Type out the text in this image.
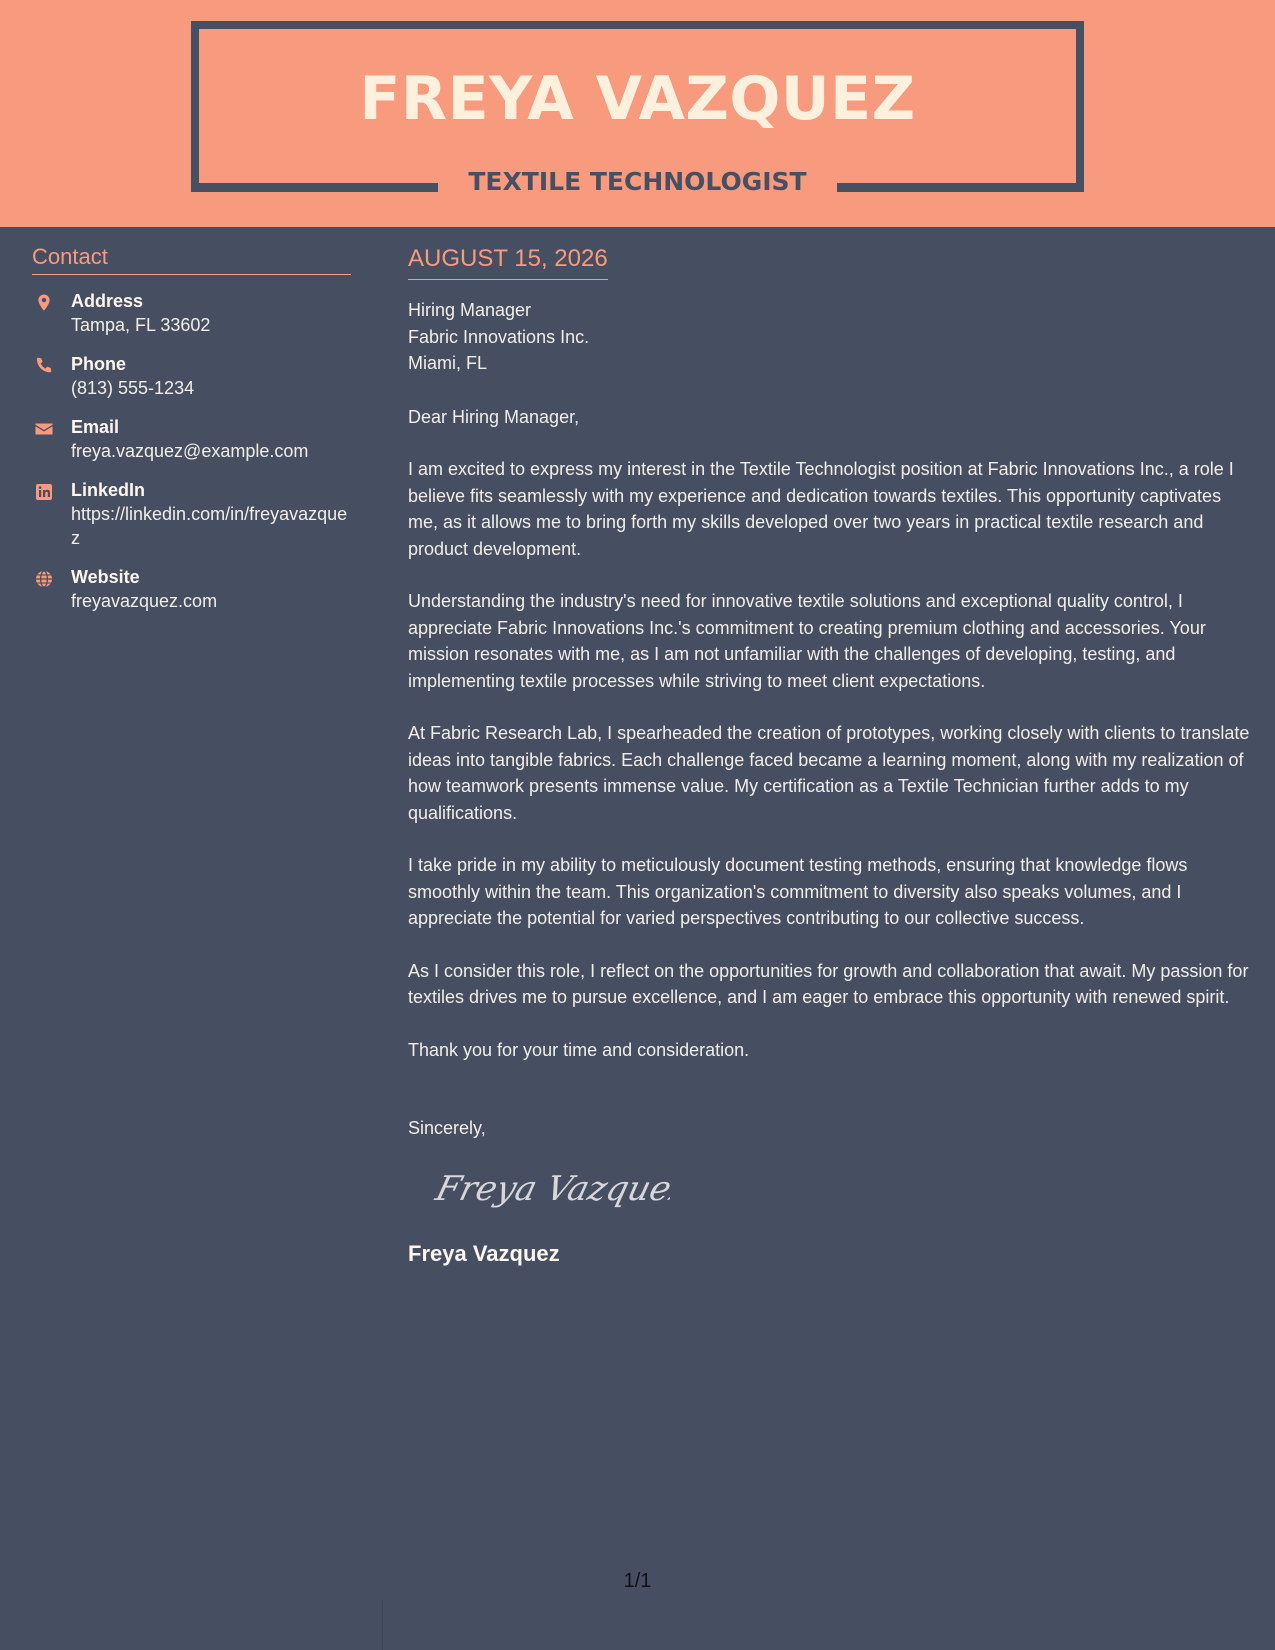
FREYA VAZQUEZ
TEXTILE TECHNOLOGIST
Contact
Address
Tampa, FL 33602
Phone
(813) 555-1234
Email
freya.vazquez@example.com
LinkedIn
https://linkedin.com/in/freyavazquez
Website
freyavazquez.com
AUGUST 15, 2026
Hiring Manager
Fabric Innovations Inc.
Miami, FL
Dear Hiring Manager,
I am excited to express my interest in the Textile Technologist position at Fabric Innovations Inc., a role I believe fits seamlessly with my experience and dedication towards textiles. This opportunity captivates me, as it allows me to bring forth my skills developed over two years in practical textile research and product development.
Understanding the industry's need for innovative textile solutions and exceptional quality control, I appreciate Fabric Innovations Inc.'s commitment to creating premium clothing and accessories. Your mission resonates with me, as I am not unfamiliar with the challenges of developing, testing, and implementing textile processes while striving to meet client expectations.
At Fabric Research Lab, I spearheaded the creation of prototypes, working closely with clients to translate ideas into tangible fabrics. Each challenge faced became a learning moment, along with my realization of how teamwork presents immense value. My certification as a Textile Technician further adds to my qualifications.
I take pride in my ability to meticulously document testing methods, ensuring that knowledge flows smoothly within the team. This organization's commitment to diversity also speaks volumes, and I appreciate the potential for varied perspectives contributing to our collective success.
As I consider this role, I reflect on the opportunities for growth and collaboration that await. My passion for textiles drives me to pursue excellence, and I am eager to embrace this opportunity with renewed spirit.
Thank you for your time and consideration.
Sincerely,
Freya Vazquez
Freya Vazquez
1/1
